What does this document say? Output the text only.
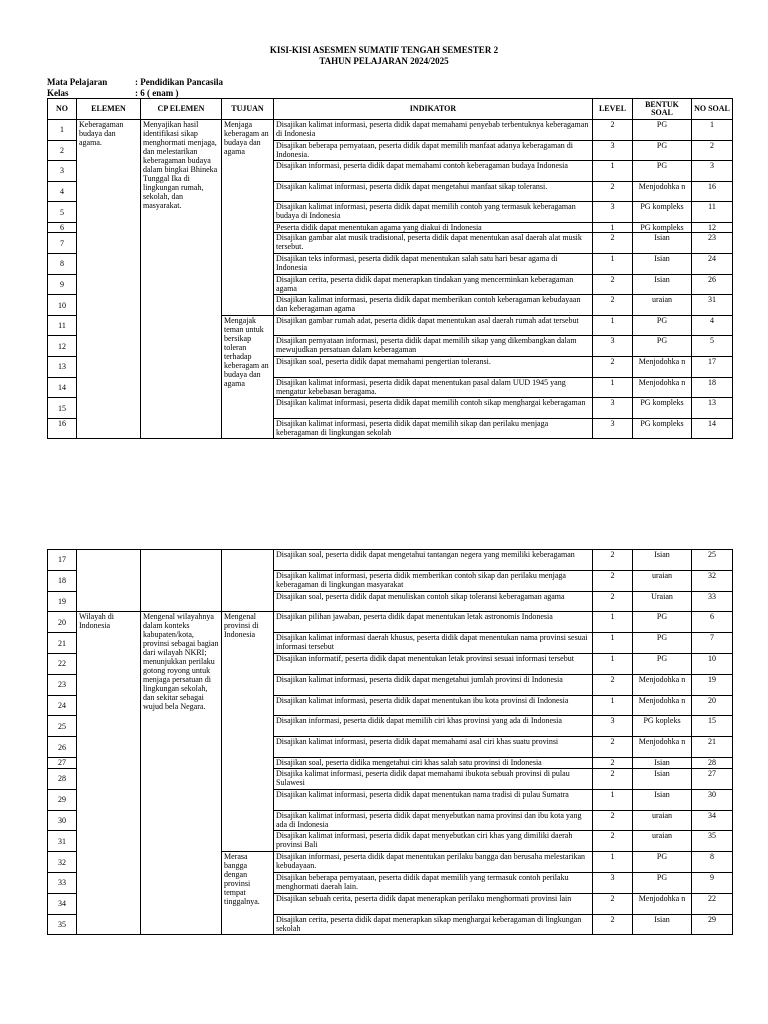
KISI-KISI ASESMEN SUMATIF TENGAH SEMESTER 2
TAHUN PELAJARAN 2024/2025
Mata Pelajaran	: Pendidikan Pancasila
Kelas	: 6 ( enam )
NO	ELEMEN	CP ELEMEN	TUJUAN	INDIKATOR	LEVEL	BENTUK SOAL	NO SOAL
1	Keberagaman budaya dan agama.	Menyajikan hasil identifikasi sikap menghormati menjaga, dan melestarikan keberagaman budaya dalam bingkai Bhineka Tunggal Ika di lingkungan rumah, sekolah, dan masyarakat.	Menjaga keberagam an budaya dan agama	Disajikan kalimat informasi, peserta didik dapat memahami penyebab terbentuknya keberagaman di Indonesia	2	PG	1
2				Disajikan beberapa pernyataan, peserta didik dapat memilih manfaat adanya keberagaman di Indonesia.	3	PG	2
3				Disajikan informasi, peserta didik dapat memahami contoh keberagaman budaya Indonesia	1	PG	3
4				Disajikan kalimat informasi, peserta didik dapat mengetahui manfaat sikap toleransi.	2	Menjodohka n	16
5				Disajikan kalimat informasi, peserta didik dapat memilih contoh yang termasuk keberagaman budaya di Indonesia	3	PG kompleks	11
6				Peserta didik dapat menentukan agama yang diakui di Indonesia	1	PG kompleks	12
7				Disajikan gambar alat musik tradisional, peserta didik dapat menentukan asal daerah alat musik tersebut.	2	Isian	23
8				Disajikan teks informasi, peserta didik dapat menentukan salah satu hari besar agama di Indonesia	1	Isian	24
9				Disajikan cerita, peserta didik dapat menerapkan tindakan yang mencerminkan keberagaman agama	2	Isian	26
10				Disajikan kalimat informasi, peserta didik dapat memberikan contoh keberagaman kebudayaan dan keberagaman agama	2	uraian	31
11			Mengajak teman untuk bersikap toleran terhadap keberagam an budaya dan agama	Disajikan gambar rumah adat, peserta didik dapat menentukan asal daerah rumah adat tersebut	1	PG	4
12				Disajikan pernyataan informasi, peserta didik dapat memilih sikap yang dikembangkan dalam mewujudkan persatuan dalam keberagaman	3	PG	5
13				Disajikan soal, peserta didik dapat memahami pengertian toleransi.	2	Menjodohka n	17
14				Disajikan kalimat informasi, peserta didik dapat menentukan pasal dalam UUD 1945 yang mengatur kebebasan beragama.	1	Menjodohka n	18
15				Disajikan kalimat informasi, peserta didik dapat memilih contoh sikap menghargai keberagaman	3	PG kompleks	13
16				Disajikan kalimat informasi, peserta didik dapat memilih sikap dan perilaku menjaga keberagaman di lingkungan sekolah	3	PG kompleks	14
17				Disajikan soal, peserta didik dapat mengetahui tantangan negera yang memiliki keberagaman	2	Isian	25
18				Disajikan kalimat informasi, peserta didik memberikan contoh sikap dan perilaku menjaga keberagaman di lingkungan masyarakat	2	uraian	32
19				Disajikan soal, peserta didik dapat menuliskan contoh sikap toleransi keberagaman agama	2	Uraian	33
20	Wilayah di Indonesia	Mengenal wilayahnya dalam konteks kabupaten/kota, provinsi sebagai bagian dari wilayah NKRI; menunjukkan perilaku gotong royong untuk menjaga persatuan di lingkungan sekolah, dan sekitar sebagai wujud bela Negara.	Mengenal provinsi di Indonesia	Disajikan pilihan jawaban, peserta didik dapat menentukan letak astronomis Indonesia	1	PG	6
21				Disajikan kalimat informasi daerah khusus, peserta didik dapat menentukan nama provinsi sesuai informasi tersebut	1	PG	7
22				Disajikan informatif, peserta didik dapat menentukan letak provinsi sesuai informasi tersebut	1	PG	10
23				Disajikan kalimat informasi, peserta didik dapat mengetahui jumlah provinsi di Indonesia	2	Menjodohka n	19
24				Disajikan kalimat informasi, peserta didik dapat menentukan ibu kota provinsi di Indonesia	1	Menjodohka n	20
25				Disajikan informasi, peserta didik dapat memilih ciri khas provinsi yang ada di Indonesia	3	PG kopleks	15
26				Disajikan kalimat informasi, peserta didik dapat memahami asal ciri khas suatu provinsi	2	Menjodohka n	21
27				Disajikan soal, peserta didika mengetahui ciri khas salah satu provinsi di Indonesia	2	Isian	28
28				Disajika kalimat informasi, peserta didik dapat memahami ibukota sebuah provinsi di pulau Sulawesi	2	Isian	27
29				Disajikan kalimat informasi, peserta didik dapat menentukan nama tradisi di pulau Sumatra	1	Isian	30
30				Disajikan kalimat informasi, peserta didik dapat menyebutkan nama provinsi dan ibu kota yang ada di Indonesia	2	uraian	34
31				Disajikan kalimat informasi, peserta didik dapat menyebutkan ciri khas yang dimiliki daerah provinsi Bali	2	uraian	35
32			Merasa bangga dengan provinsi tempat tinggalnya.	Disajikan informasi, peserta didik dapat menentukan perilaku bangga dan berusaha melestarikan kebudayaan.	1	PG	8
33				Disajikan beberapa pernyataan, peserta didik dapat memilih yang termasuk contoh perilaku menghormati daerah lain.	3	PG	9
34				Disajikan sebuah cerita, peserta didik dapat menerapkan perilaku menghormati provinsi lain	2	Menjodohka n	22
35				Disajikan cerita, peserta didik dapat menerapkan sikap menghargai keberagaman di lingkungan sekolah	2	Isian	29
